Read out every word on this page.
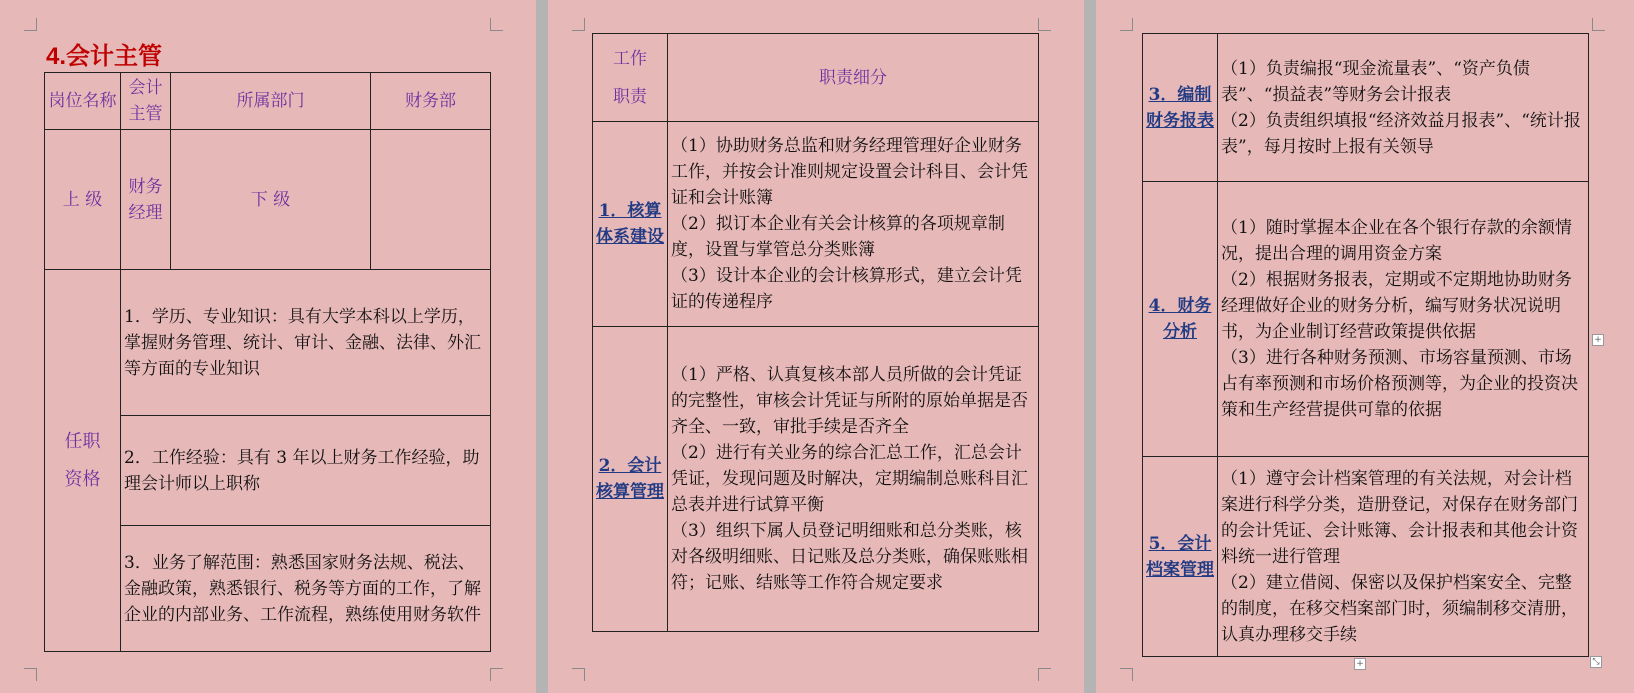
4.会计主管
岗位名称	会计主管	所属部门	财务部
上 级	财务经理	下 级	
任职资格	1．学历、专业知识：具有大学本科以上学历，掌握财务管理、统计、审计、金融、法律、外汇等方面的专业知识		
	2．工作经验：具有 3 年以上财务工作经验，助理会计师以上职称		
	3．业务了解范围：熟悉国家财务法规、税法、金融政策，熟悉银行、税务等方面的工作，了解企业的内部业务、工作流程，熟练使用财务软件		
工作职责	职责细分
1．核算体系建设	（1）协助财务总监和财务经理管理好企业财务工作，并按会计准则规定设置会计科目、会计凭证和会计账簿
（2）拟订本企业有关会计核算的各项规章制度，设置与掌管总分类账簿
（3）设计本企业的会计核算形式，建立会计凭证的传递程序

2．会计核算管理	（1）严格、认真复核本部人员所做的会计凭证的完整性，审核会计凭证与所附的原始单据是否齐全、一致，审批手续是否齐全
（2）进行有关业务的综合汇总工作，汇总会计凭证，发现问题及时解决，定期编制总账科目汇总表并进行试算平衡
（3）组织下属人员登记明细账和总分类账，核对各级明细账、日记账及总分类账，确保账账相符；记账、结账等工作符合规定要求
3．编制财务报表	（1）负责编报“现金流量表”、“资产负债表”、“损益表”等财务会计报表
（2）负责组织填报“经济效益月报表”、“统计报表”，每月按时上报有关领导

4．财务分析	（1）随时掌握本企业在各个银行存款的余额情况，提出合理的调用资金方案
（2）根据财务报表，定期或不定期地协助财务经理做好企业的财务分析，编写财务状况说明书，为企业制订经营政策提供依据
（3）进行各种财务预测、市场容量预测、市场占有率预测和市场价格预测等，为企业的投资决策和生产经营提供可靠的依据

5．会计档案管理	（1）遵守会计档案管理的有关法规，对会计档案进行科学分类，造册登记，对保存在财务部门的会计凭证、会计账簿、会计报表和其他会计资料统一进行管理
（2）建立借阅、保密以及保护档案安全、完整的制度，在移交档案部门时，须编制移交清册，认真办理移交手续
+
+	⤡
